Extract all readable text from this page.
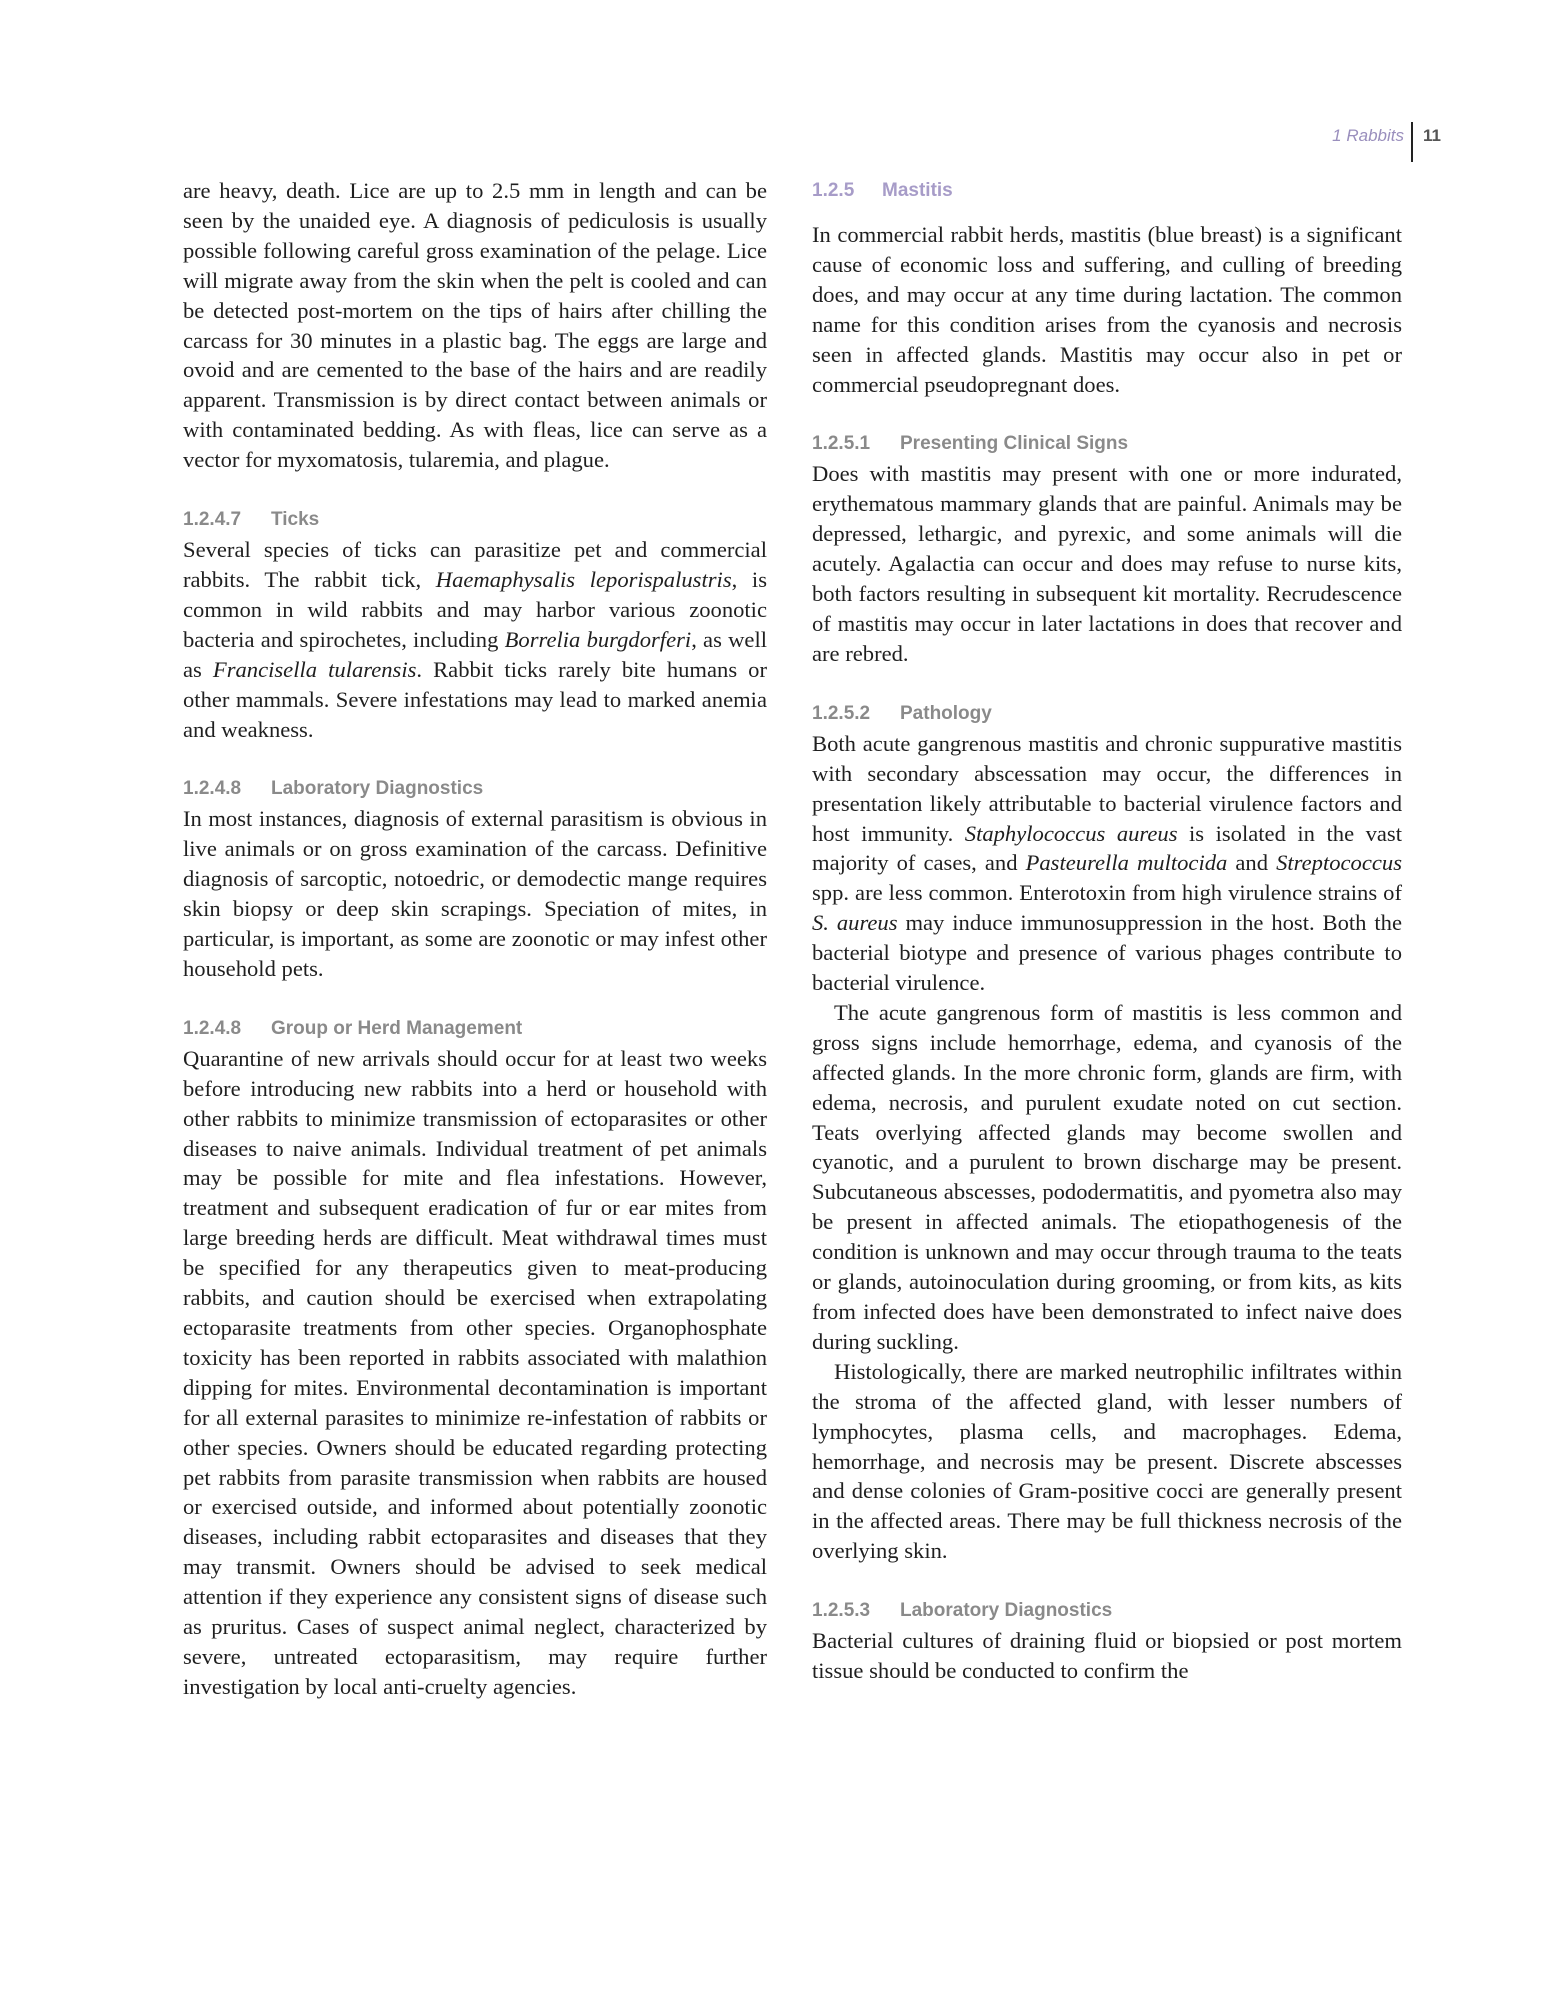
1 Rabbits 11

are heavy, death. Lice are up to 2.5 mm in length and can be seen by the unaided eye. A diagnosis of pediculosis is usually possible following careful gross examination of the pelage. Lice will migrate away from the skin when the pelt is cooled and can be detected post-mortem on the tips of hairs after chilling the carcass for 30 minutes in a plastic bag. The eggs are large and ovoid and are cemented to the base of the hairs and are readily apparent. Transmission is by direct contact between animals or with contaminated bedding. As with fleas, lice can serve as a vector for myxomatosis, tularemia, and plague.

1.2.4.7 Ticks

Several species of ticks can parasitize pet and commercial rabbits. The rabbit tick, Haemaphysalis leporispalustris, is common in wild rabbits and may harbor various zoonotic bacteria and spirochetes, including Borrelia burgdorferi, as well as Francisella tularensis. Rabbit ticks rarely bite humans or other mammals. Severe infestations may lead to marked anemia and weakness.

1.2.4.8 Laboratory Diagnostics

In most instances, diagnosis of external parasitism is obvious in live animals or on gross examination of the carcass. Definitive diagnosis of sarcoptic, notoedric, or demodectic mange requires skin biopsy or deep skin scrapings. Speciation of mites, in particular, is important, as some are zoonotic or may infest other household pets.

1.2.4.8 Group or Herd Management

Quarantine of new arrivals should occur for at least two weeks before introducing new rabbits into a herd or household with other rabbits to minimize transmission of ectoparasites or other diseases to naive animals. Individual treatment of pet animals may be possible for mite and flea infestations. However, treatment and subsequent eradication of fur or ear mites from large breeding herds are difficult. Meat withdrawal times must be specified for any therapeutics given to meat-producing rabbits, and caution should be exercised when extrapolating ectoparasite treatments from other species. Organophosphate toxicity has been reported in rabbits associated with malathion dipping for mites. Environmental decontamination is important for all external parasites to minimize re-infestation of rabbits or other species. Owners should be educated regarding protecting pet rabbits from parasite transmission when rabbits are housed or exercised outside, and informed about potentially zoonotic diseases, including rabbit ectoparasites and diseases that they may transmit. Owners should be advised to seek medical attention if they experience any consistent signs of disease such as pruritus. Cases of suspect animal neglect, characterized by severe, untreated ectoparasitism, may require further investigation by local anti-cruelty agencies.

1.2.5 Mastitis

In commercial rabbit herds, mastitis (blue breast) is a significant cause of economic loss and suffering, and culling of breeding does, and may occur at any time during lactation. The common name for this condition arises from the cyanosis and necrosis seen in affected glands. Mastitis may occur also in pet or commercial pseudopregnant does.

1.2.5.1 Presenting Clinical Signs

Does with mastitis may present with one or more indurated, erythematous mammary glands that are painful. Animals may be depressed, lethargic, and pyrexic, and some animals will die acutely. Agalactia can occur and does may refuse to nurse kits, both factors resulting in subsequent kit mortality. Recrudescence of mastitis may occur in later lactations in does that recover and are rebred.

1.2.5.2 Pathology

Both acute gangrenous mastitis and chronic suppurative mastitis with secondary abscessation may occur, the differences in presentation likely attributable to bacterial virulence factors and host immunity. Staphylococcus aureus is isolated in the vast majority of cases, and Pasteurella multocida and Streptococcus spp. are less common. Enterotoxin from high virulence strains of S. aureus may induce immunosuppression in the host. Both the bacterial biotype and presence of various phages contribute to bacterial virulence.

The acute gangrenous form of mastitis is less common and gross signs include hemorrhage, edema, and cyanosis of the affected glands. In the more chronic form, glands are firm, with edema, necrosis, and purulent exudate noted on cut section. Teats overlying affected glands may become swollen and cyanotic, and a purulent to brown discharge may be present. Subcutaneous abscesses, pododermatitis, and pyometra also may be present in affected animals. The etiopathogenesis of the condition is unknown and may occur through trauma to the teats or glands, autoinoculation during grooming, or from kits, as kits from infected does have been demonstrated to infect naive does during suckling.

Histologically, there are marked neutrophilic infiltrates within the stroma of the affected gland, with lesser numbers of lymphocytes, plasma cells, and macrophages. Edema, hemorrhage, and necrosis may be present. Discrete abscesses and dense colonies of Gram-positive cocci are generally present in the affected areas. There may be full thickness necrosis of the overlying skin.

1.2.5.3 Laboratory Diagnostics

Bacterial cultures of draining fluid or biopsied or post mortem tissue should be conducted to confirm the
